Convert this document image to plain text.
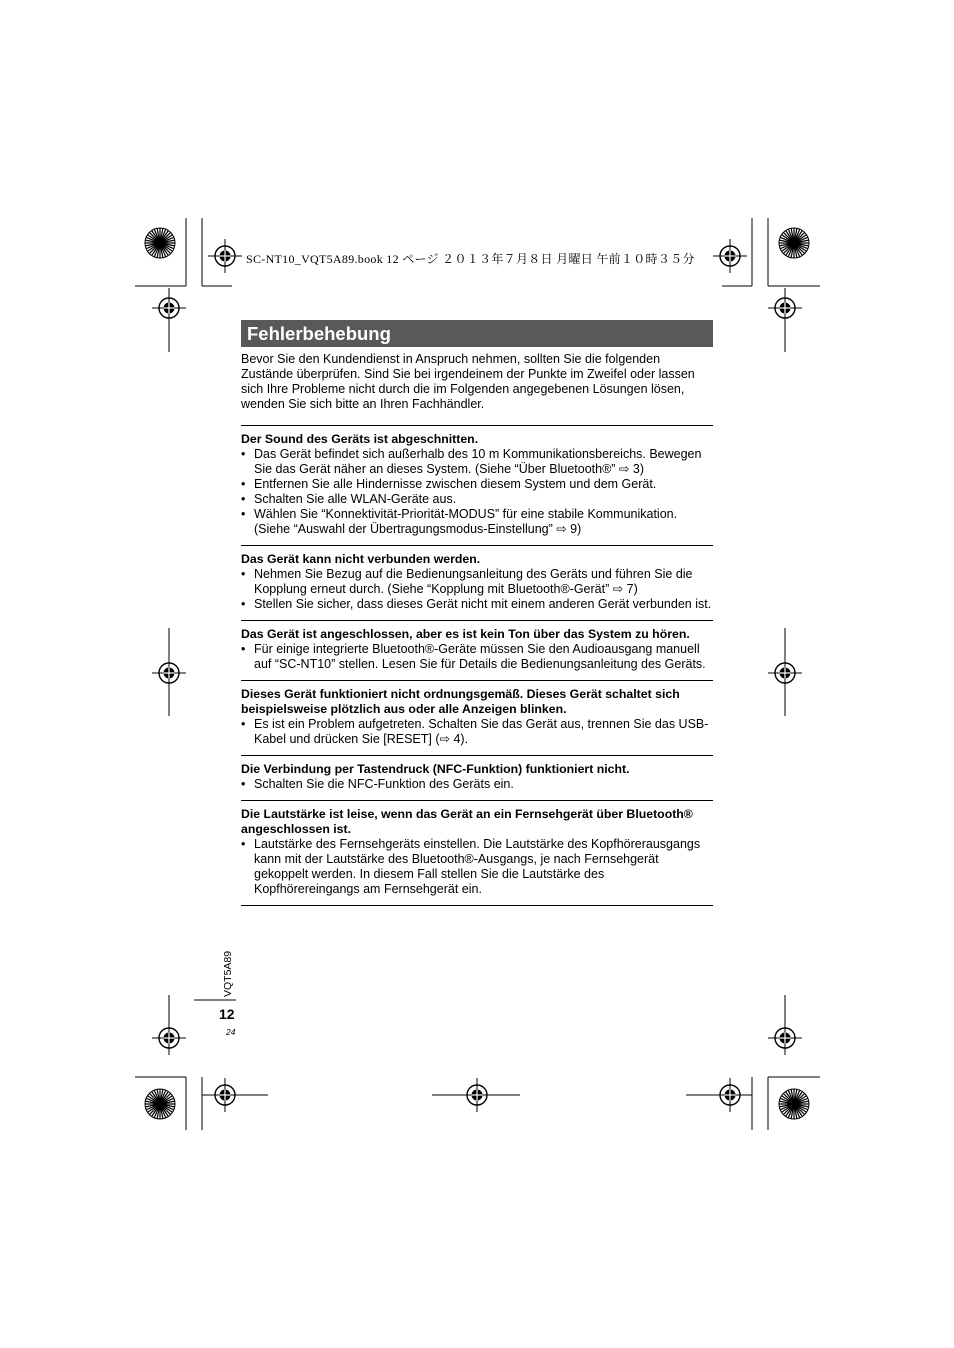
SC-NT10_VQT5A89.book 12 ページ ２０１３年７月８日 月曜日 午前１０時３５分
Fehlerbehebung

Bevor Sie den Kundendienst in Anspruch nehmen, sollten Sie die folgenden Zustände überprüfen. Sind Sie bei irgendeinem der Punkte im Zweifel oder lassen sich Ihre Probleme nicht durch die im Folgenden angegebenen Lösungen lösen, wenden Sie sich bitte an Ihren Fachhändler.

Der Sound des Geräts ist abgeschnitten.
• Das Gerät befindet sich außerhalb des 10 m Kommunikationsbereichs. Bewegen Sie das Gerät näher an dieses System. (Siehe “Über Bluetooth®” ⇨ 3)
• Entfernen Sie alle Hindernisse zwischen diesem System und dem Gerät.
• Schalten Sie alle WLAN-Geräte aus.
• Wählen Sie “Konnektivität-Priorität-MODUS” für eine stabile Kommunikation. (Siehe “Auswahl der Übertragungsmodus-Einstellung” ⇨ 9)
Das Gerät kann nicht verbunden werden.
• Nehmen Sie Bezug auf die Bedienungsanleitung des Geräts und führen Sie die Kopplung erneut durch. (Siehe “Kopplung mit Bluetooth®-Gerät” ⇨ 7)
• Stellen Sie sicher, dass dieses Gerät nicht mit einem anderen Gerät verbunden ist.
Das Gerät ist angeschlossen, aber es ist kein Ton über das System zu hören.
• Für einige integrierte Bluetooth®-Geräte müssen Sie den Audioausgang manuell auf “SC-NT10” stellen. Lesen Sie für Details die Bedienungsanleitung des Geräts.
Dieses Gerät funktioniert nicht ordnungsgemäß. Dieses Gerät schaltet sich beispielsweise plötzlich aus oder alle Anzeigen blinken.
• Es ist ein Problem aufgetreten. Schalten Sie das Gerät aus, trennen Sie das USB-Kabel und drücken Sie [RESET] (⇨ 4).
Die Verbindung per Tastendruck (NFC-Funktion) funktioniert nicht.
• Schalten Sie die NFC-Funktion des Geräts ein.
Die Lautstärke ist leise, wenn das Gerät an ein Fernsehgerät über Bluetooth® angeschlossen ist.
• Lautstärke des Fernsehgeräts einstellen. Die Lautstärke des Kopfhörerausgangs kann mit der Lautstärke des Bluetooth®-Ausgangs, je nach Fernsehgerät gekoppelt werden. In diesem Fall stellen Sie die Lautstärke des Kopfhörereingangs am Fernsehgerät ein.
VQT5A89
12
24
